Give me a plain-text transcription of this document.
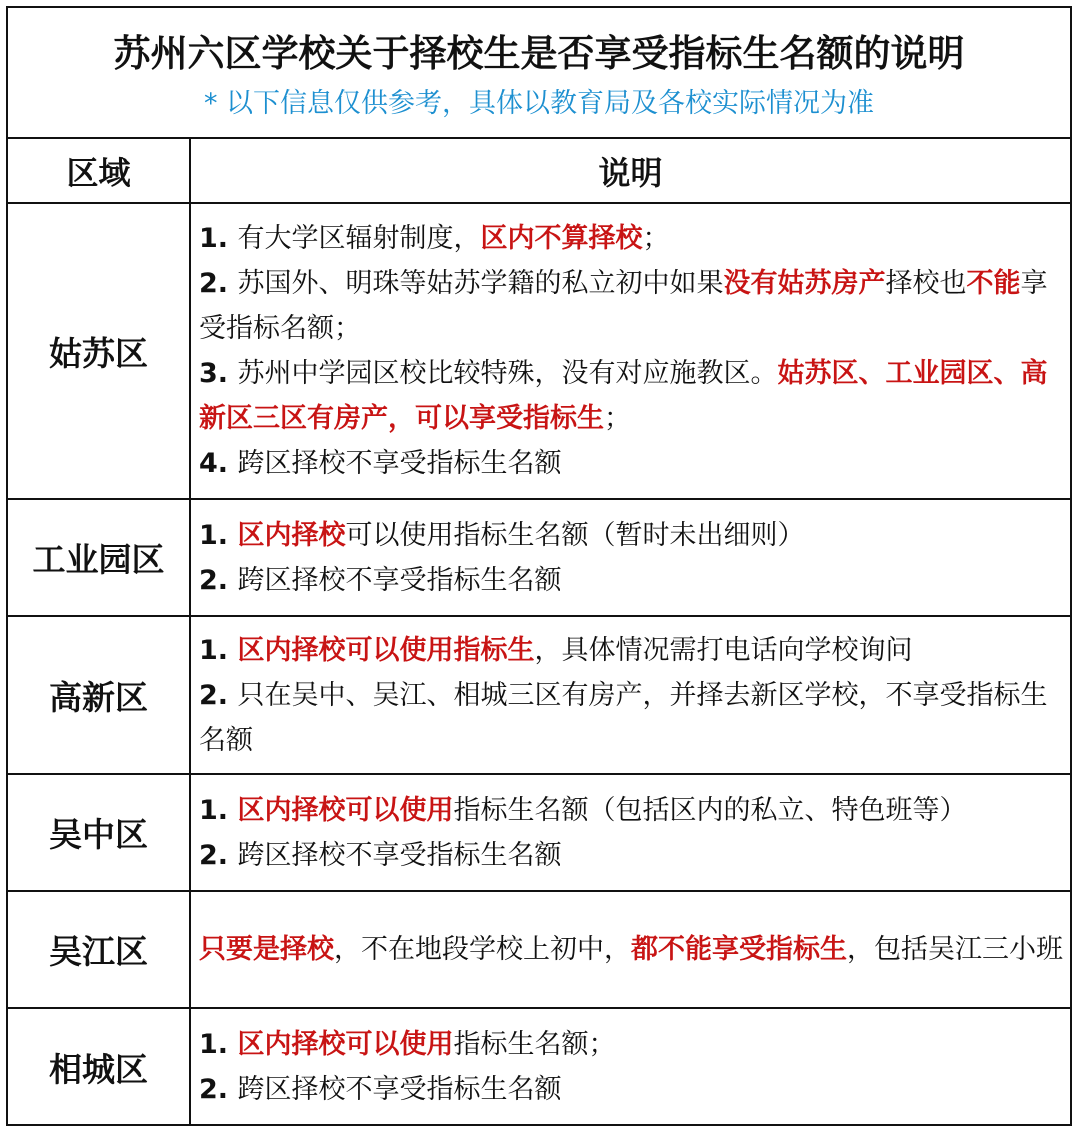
苏州六区学校关于择校生是否享受指标生名额的说明
* 以下信息仅供参考，具体以教育局及各校实际情况为准
区域	说明
姑苏区	1. 有大学区辐射制度，区内不算择校；
2. 苏国外、明珠等姑苏学籍的私立初中如果没有姑苏房产择校也不能享受指标名额；
3. 苏州中学园区校比较特殊，没有对应施教区。姑苏区、工业园区、高新区三区有房产，可以享受指标生；
4. 跨区择校不享受指标生名额

工业园区	1. 区内择校可以使用指标生名额（暂时未出细则）
2. 跨区择校不享受指标生名额

高新区	1. 区内择校可以使用指标生，具体情况需打电话向学校询问
2. 只在吴中、吴江、相城三区有房产，并择去新区学校，不享受指标生名额

吴中区	1. 区内择校可以使用指标生名额（包括区内的私立、特色班等）
2. 跨区择校不享受指标生名额

吴江区	只要是择校，不在地段学校上初中，都不能享受指标生，包括吴江三小班

相城区	1. 区内择校可以使用指标生名额；
2. 跨区择校不享受指标生名额
